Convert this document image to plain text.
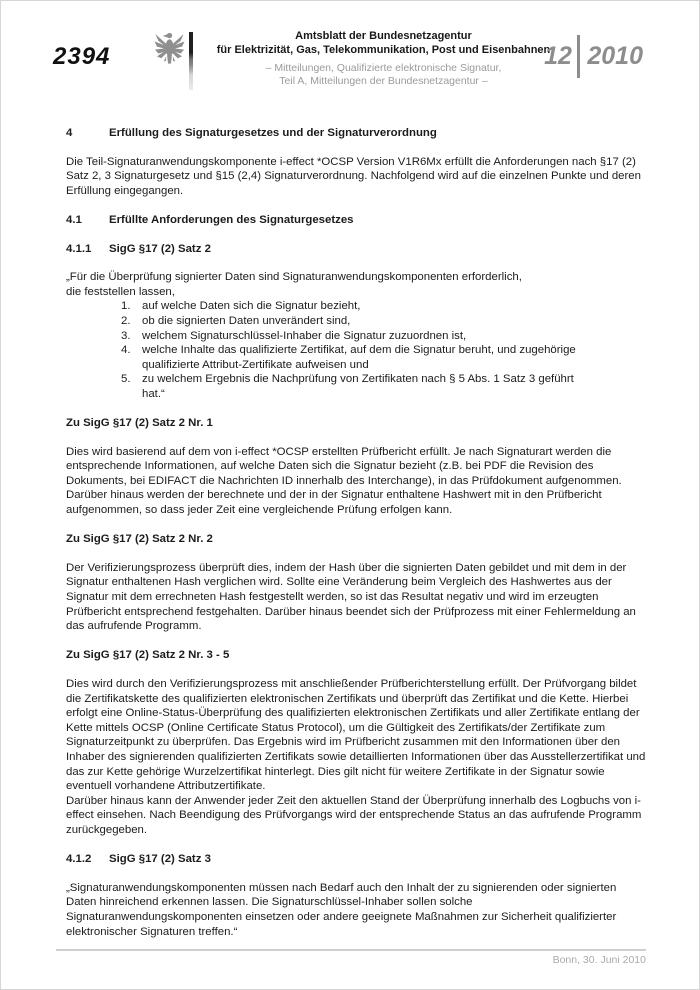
2394
Amtsblatt der Bundesnetzagentur
für Elektrizität, Gas, Telekommunikation, Post und Eisenbahnen
– Mitteilungen, Qualifizierte elektronische Signatur,
Teil A, Mitteilungen der Bundesnetzagentur –
12 2010
4	Erfüllung des Signaturgesetzes und der Signaturverordnung

Die Teil-Signaturanwendungskomponente i-effect *OCSP Version V1R6Mx erfüllt die Anforderungen nach §17 (2) Satz 2, 3 Signaturgesetz und §15 (2,4) Signaturverordnung. Nachfolgend wird auf die einzelnen Punkte und deren Erfüllung eingegangen.

4.1	Erfüllte Anforderungen des Signaturgesetzes
4.1.1	SigG §17 (2) Satz 2

„Für die Überprüfung signierter Daten sind Signaturanwendungskomponenten erforderlich,

die feststellen lassen,

1.	auf welche Daten sich die Signatur bezieht,
2.	ob die signierten Daten unverändert sind,
3.	welchem Signaturschlüssel-Inhaber die Signatur zuzuordnen ist,
4.	welche Inhalte das qualifizierte Zertifikat, auf dem die Signatur beruht, und zugehörige qualifizierte Attribut-Zertifikate aufweisen und
5.	zu welchem Ergebnis die Nachprüfung von Zertifikaten nach § 5 Abs. 1 Satz 3 geführt hat.“
Zu SigG §17 (2) Satz 2 Nr. 1

Dies wird basierend auf dem von i-effect *OCSP erstellten Prüfbericht erfüllt. Je nach Signaturart werden die entsprechende Informationen, auf welche Daten sich die Signatur bezieht (z.B. bei PDF die Revision des Dokuments, bei EDIFACT die Nachrichten ID innerhalb des Interchange), in das Prüfdokument aufgenommen. Darüber hinaus werden der berechnete und der in der Signatur enthaltene Hashwert mit in den Prüfbericht aufgenommen, so dass jeder Zeit eine vergleichende Prüfung erfolgen kann.

Zu SigG §17 (2) Satz 2 Nr. 2

Der Verifizierungsprozess überprüft dies, indem der Hash über die signierten Daten gebildet und mit dem in der Signatur enthaltenen Hash verglichen wird. Sollte eine Veränderung beim Vergleich des Hashwertes aus der Signatur mit dem errechneten Hash festgestellt werden, so ist das Resultat negativ und wird im erzeugten Prüfbericht entsprechend festgehalten. Darüber hinaus beendet sich der Prüfprozess mit einer Fehlermeldung an das aufrufende Programm.

Zu SigG §17 (2) Satz 2 Nr. 3 - 5

Dies wird durch den Verifizierungsprozess mit anschließender Prüfberichterstellung erfüllt. Der Prüfvorgang bildet die Zertifikatskette des qualifizierten elektronischen Zertifikats und überprüft das Zertifikat und die Kette. Hierbei erfolgt eine Online-Status-Überprüfung des qualifizierten elektronischen Zertifikats und aller Zertifikate entlang der Kette mittels OCSP (Online Certificate Status Protocol), um die Gültigkeit des Zertifikats/der Zertifikate zum Signaturzeitpunkt zu überprüfen. Das Ergebnis wird im Prüfbericht zusammen mit den Informationen über den Inhaber des signierenden qualifizierten Zertifikats sowie detaillierten Informationen über das Ausstellerzertifikat und das zur Kette gehörige Wurzelzertifikat hinterlegt. Dies gilt nicht für weitere Zertifikate in der Signatur sowie eventuell vorhandene Attributzertifikate.

Darüber hinaus kann der Anwender jeder Zeit den aktuellen Stand der Überprüfung innerhalb des Logbuchs von i-effect einsehen. Nach Beendigung des Prüfvorgangs wird der entsprechende Status an das aufrufende Programm zurückgegeben.

4.1.2	SigG §17 (2) Satz 3

„Signaturanwendungskomponenten müssen nach Bedarf auch den Inhalt der zu signierenden oder signierten Daten hinreichend erkennen lassen. Die Signaturschlüssel-Inhaber sollen solche Signaturanwendungskomponenten einsetzen oder andere geeignete Maßnahmen zur Sicherheit qualifizierter elektronischer Signaturen treffen.“

Bonn, 30. Juni 2010
